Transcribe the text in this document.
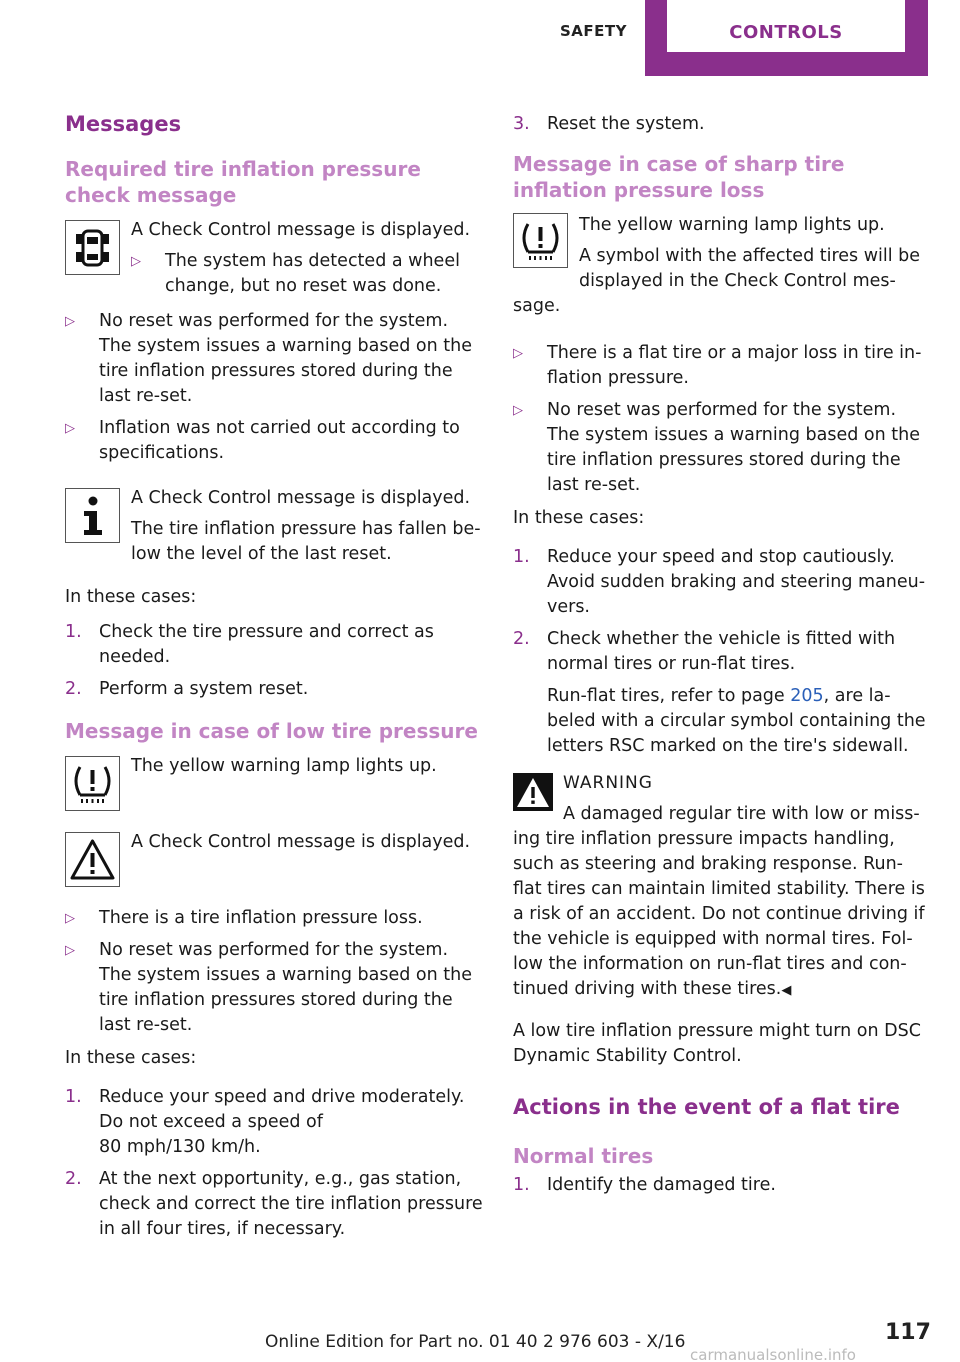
SAFETY	CONTROLS
Messages
Required tire inflation pressure check message

A Check Control message is displayed.

▷ The system has detected a wheel change, but no reset was done.
▷ No reset was performed for the system. The system issues a warning based on the tire inflation pressures stored during the last re‐set.
▷ Inflation was not carried out according to specifications.

A Check Control message is displayed.

The tire inflation pressure has fallen be‐low the level of the last reset.

In these cases:

1. Check the tire pressure and correct as needed.
2. Perform a system reset.
Message in case of low tire pressure

The yellow warning lamp lights up.

A Check Control message is displayed.

▷ There is a tire inflation pressure loss.
▷ No reset was performed for the system. The system issues a warning based on the tire inflation pressures stored during the last re‐set.

In these cases:

1. Reduce your speed and drive moderately. Do not exceed a speed of
80 mph/130 km/h.
2. At the next opportunity, e.g., gas station, check and correct the tire inflation pressure in all four tires, if necessary.
3. Reset the system.
Message in case of sharp tire inflation pressure loss

The yellow warning lamp lights up.

A symbol with the affected tires will be displayed in the Check Control mes‐sage.

▷ There is a flat tire or a major loss in tire in‐flation pressure.
▷ No reset was performed for the system. The system issues a warning based on the tire inflation pressures stored during the last re‐set.

In these cases:

1. Reduce your speed and stop cautiously. Avoid sudden braking and steering maneu‐vers.
2. Check whether the vehicle is fitted with normal tires or run-flat tires.
Run-flat tires, refer to page 205, are la‐beled with a circular symbol containing the letters RSC marked on the tire's sidewall.
WARNING
A damaged regular tire with low or miss‐ing tire inflation pressure impacts handling, such as steering and braking response. Run-flat tires can maintain limited stability. There is a risk of an accident. Do not continue driving if the vehicle is equipped with normal tires. Fol‐low the information on run-flat tires and con‐tinued driving with these tires.◀

A low tire inflation pressure might turn on DSC Dynamic Stability Control.

Actions in the event of a flat tire
Normal tires
1. Identify the damaged tire.
Online Edition for Part no. 01 40 2 976 603 - X/16	117
carmanualsonline.info
